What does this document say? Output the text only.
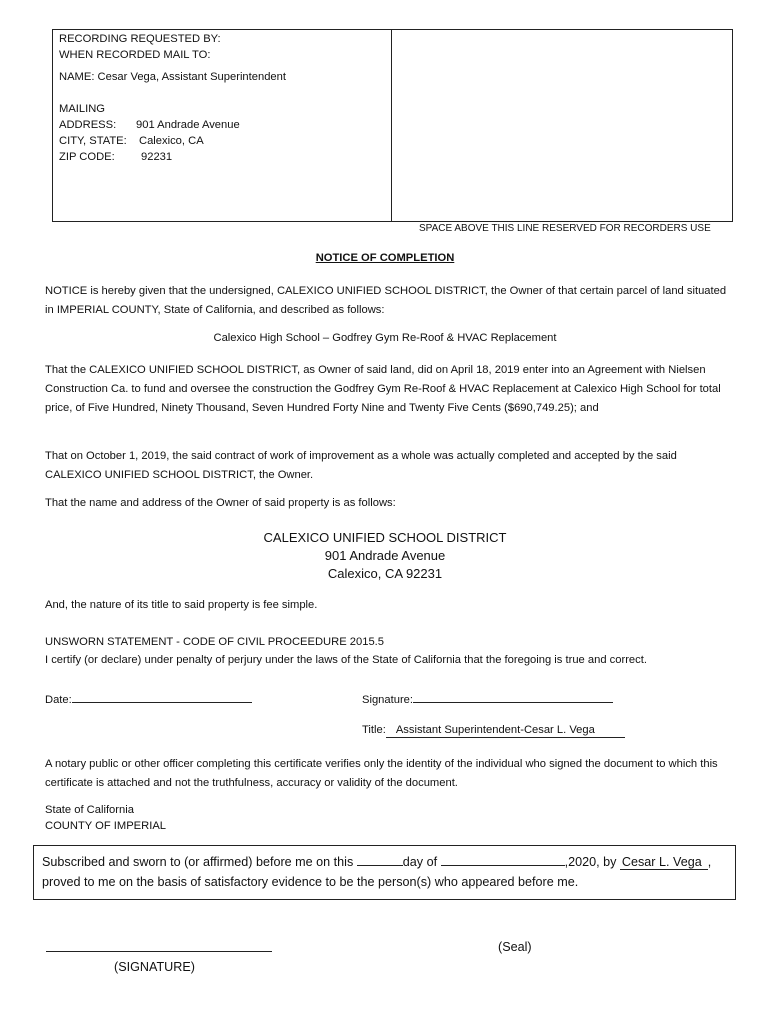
RECORDING REQUESTED BY:
WHEN RECORDED MAIL TO:
NAME: Cesar Vega, Assistant Superintendent
MAILING
ADDRESS: 901 Andrade Avenue
CITY, STATE: Calexico, CA
ZIP CODE: 92231
SPACE ABOVE THIS LINE RESERVED FOR RECORDERS USE
NOTICE OF COMPLETION
NOTICE is hereby given that the undersigned, CALEXICO UNIFIED SCHOOL DISTRICT, the Owner of that certain parcel of land situated in IMPERIAL COUNTY, State of California, and described as follows:
Calexico High School – Godfrey Gym Re-Roof & HVAC Replacement
That the CALEXICO UNIFIED SCHOOL DISTRICT, as Owner of said land, did on April 18, 2019 enter into an Agreement with Nielsen Construction Ca. to fund and oversee the construction the Godfrey Gym Re-Roof & HVAC Replacement at Calexico High School for total price, of Five Hundred, Ninety Thousand, Seven Hundred Forty Nine and Twenty Five Cents ($690,749.25); and
That on October 1, 2019, the said contract of work of improvement as a whole was actually completed and accepted by the said CALEXICO UNIFIED SCHOOL DISTRICT, the Owner.
That the name and address of the Owner of said property is as follows:
CALEXICO UNIFIED SCHOOL DISTRICT
901 Andrade Avenue
Calexico, CA 92231
And, the nature of its title to said property is fee simple.
UNSWORN STATEMENT - CODE OF CIVIL PROCEEDURE 2015.5
I certify (or declare) under penalty of perjury under the laws of the State of California that the foregoing is true and correct.
Date:	Signature:
Title: Assistant Superintendent-Cesar L. Vega
A notary public or other officer completing this certificate verifies only the identity of the individual who signed the document to which this certificate is attached and not the truthfulness, accuracy or validity of the document.
State of California
COUNTY OF IMPERIAL
Subscribed and sworn to (or affirmed) before me on this	day of	,2020, by Cesar L. Vega ,
proved to me on the basis of satisfactory evidence to be the person(s) who appeared before me.
(Seal)
(SIGNATURE)
